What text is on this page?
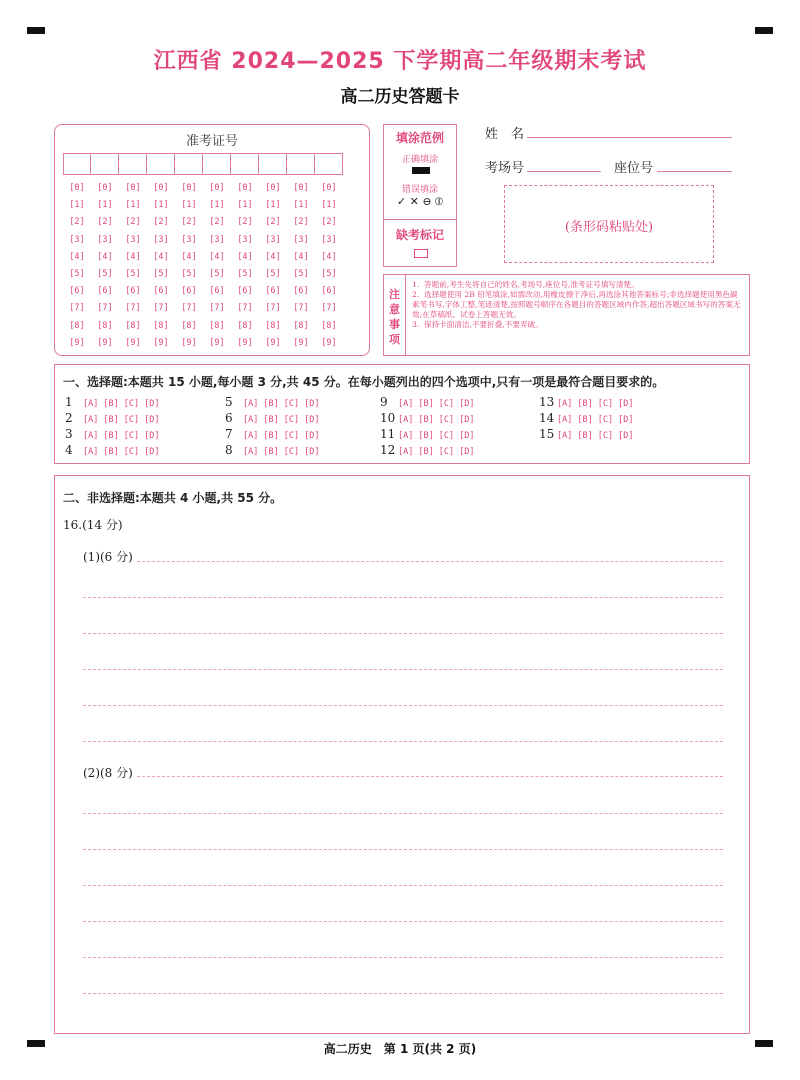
江西省 2024—2025 下学期高二年级期末考试
高二历史答题卡
准考证号
[0]	[0]	[0]	[0]	[0]	[0]	[0]	[0]	[0]	[0]
[1]	[1]	[1]	[1]	[1]	[1]	[1]	[1]	[1]	[1]
[2]	[2]	[2]	[2]	[2]	[2]	[2]	[2]	[2]	[2]
[3]	[3]	[3]	[3]	[3]	[3]	[3]	[3]	[3]	[3]
[4]	[4]	[4]	[4]	[4]	[4]	[4]	[4]	[4]	[4]
[5]	[5]	[5]	[5]	[5]	[5]	[5]	[5]	[5]	[5]
[6]	[6]	[6]	[6]	[6]	[6]	[6]	[6]	[6]	[6]
[7]	[7]	[7]	[7]	[7]	[7]	[7]	[7]	[7]	[7]
[8]	[8]	[8]	[8]	[8]	[8]	[8]	[8]	[8]	[8]
[9]	[9]	[9]	[9]	[9]	[9]	[9]	[9]	[9]	[9]
填涂范例
正确填涂
错误填涂
✓ ✕ ⊖ ⦶
缺考标记
姓　名
考场号	座位号
(条形码粘贴处)
注
意
事
项
1. 答题前,考生先将自己的姓名,考场号,座位号,准考证号填写清楚。
2. 选择题使用 2B 铅笔填涂,如需改动,用橡皮擦干净后,再选涂其他答案标号;非选择题使用黑色碳素笔书写,字体工整,笔迹清楚,按照题号顺序在各题目的答题区域内作答,超出答题区域书写的答案无效;在草稿纸、试卷上答题无效。
3. 保持卡面清洁,不要折叠,不要弄破。
一、选择题:本题共 15 小题,每小题 3 分,共 45 分。在每小题列出的四个选项中,只有一项是最符合题目要求的。
1 [A] [B] [C] [D]
2 [A] [B] [C] [D]
3 [A] [B] [C] [D]
4 [A] [B] [C] [D]
5 [A] [B] [C] [D]
6 [A] [B] [C] [D]
7 [A] [B] [C] [D]
8 [A] [B] [C] [D]
9 [A] [B] [C] [D]
10 [A] [B] [C] [D]
11 [A] [B] [C] [D]
12 [A] [B] [C] [D]
13 [A] [B] [C] [D]
14 [A] [B] [C] [D]
15 [A] [B] [C] [D]
二、非选择题:本题共 4 小题,共 55 分。
16.(14 分)
(1)(6 分)
(2)(8 分)
高二历史　第 1 页(共 2 页)
